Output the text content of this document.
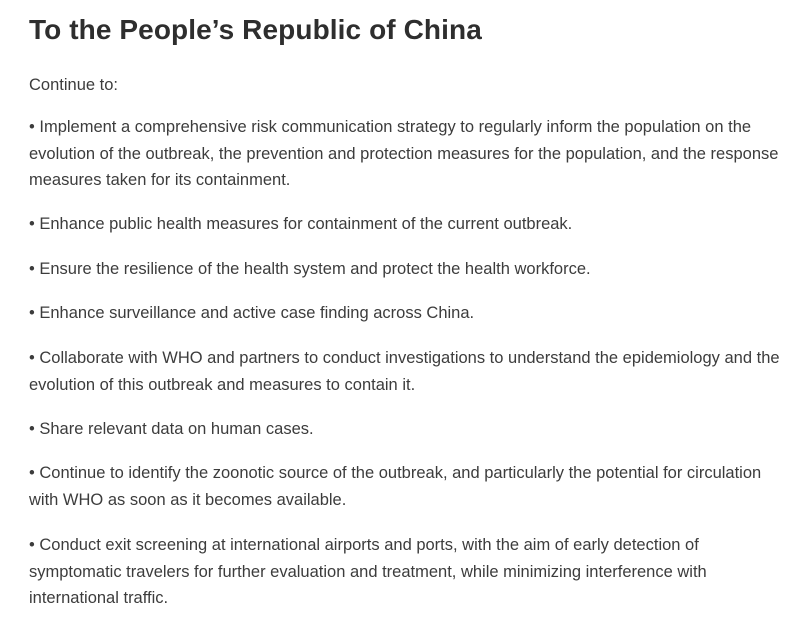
To the People’s Republic of China

Continue to:

• Implement a comprehensive risk communication strategy to regularly inform the population on the evolution of the outbreak, the prevention and protection measures for the population, and the response measures taken for its containment.
• Enhance public health measures for containment of the current outbreak.
• Ensure the resilience of the health system and protect the health workforce.
• Enhance surveillance and active case finding across China.
• Collaborate with WHO and partners to conduct investigations to understand the epidemiology and the evolution of this outbreak and measures to contain it.
• Share relevant data on human cases.
• Continue to identify the zoonotic source of the outbreak, and particularly the potential for circulation with WHO as soon as it becomes available.
• Conduct exit screening at international airports and ports, with the aim of early detection of symptomatic travelers for further evaluation and treatment, while minimizing interference with international traffic.
